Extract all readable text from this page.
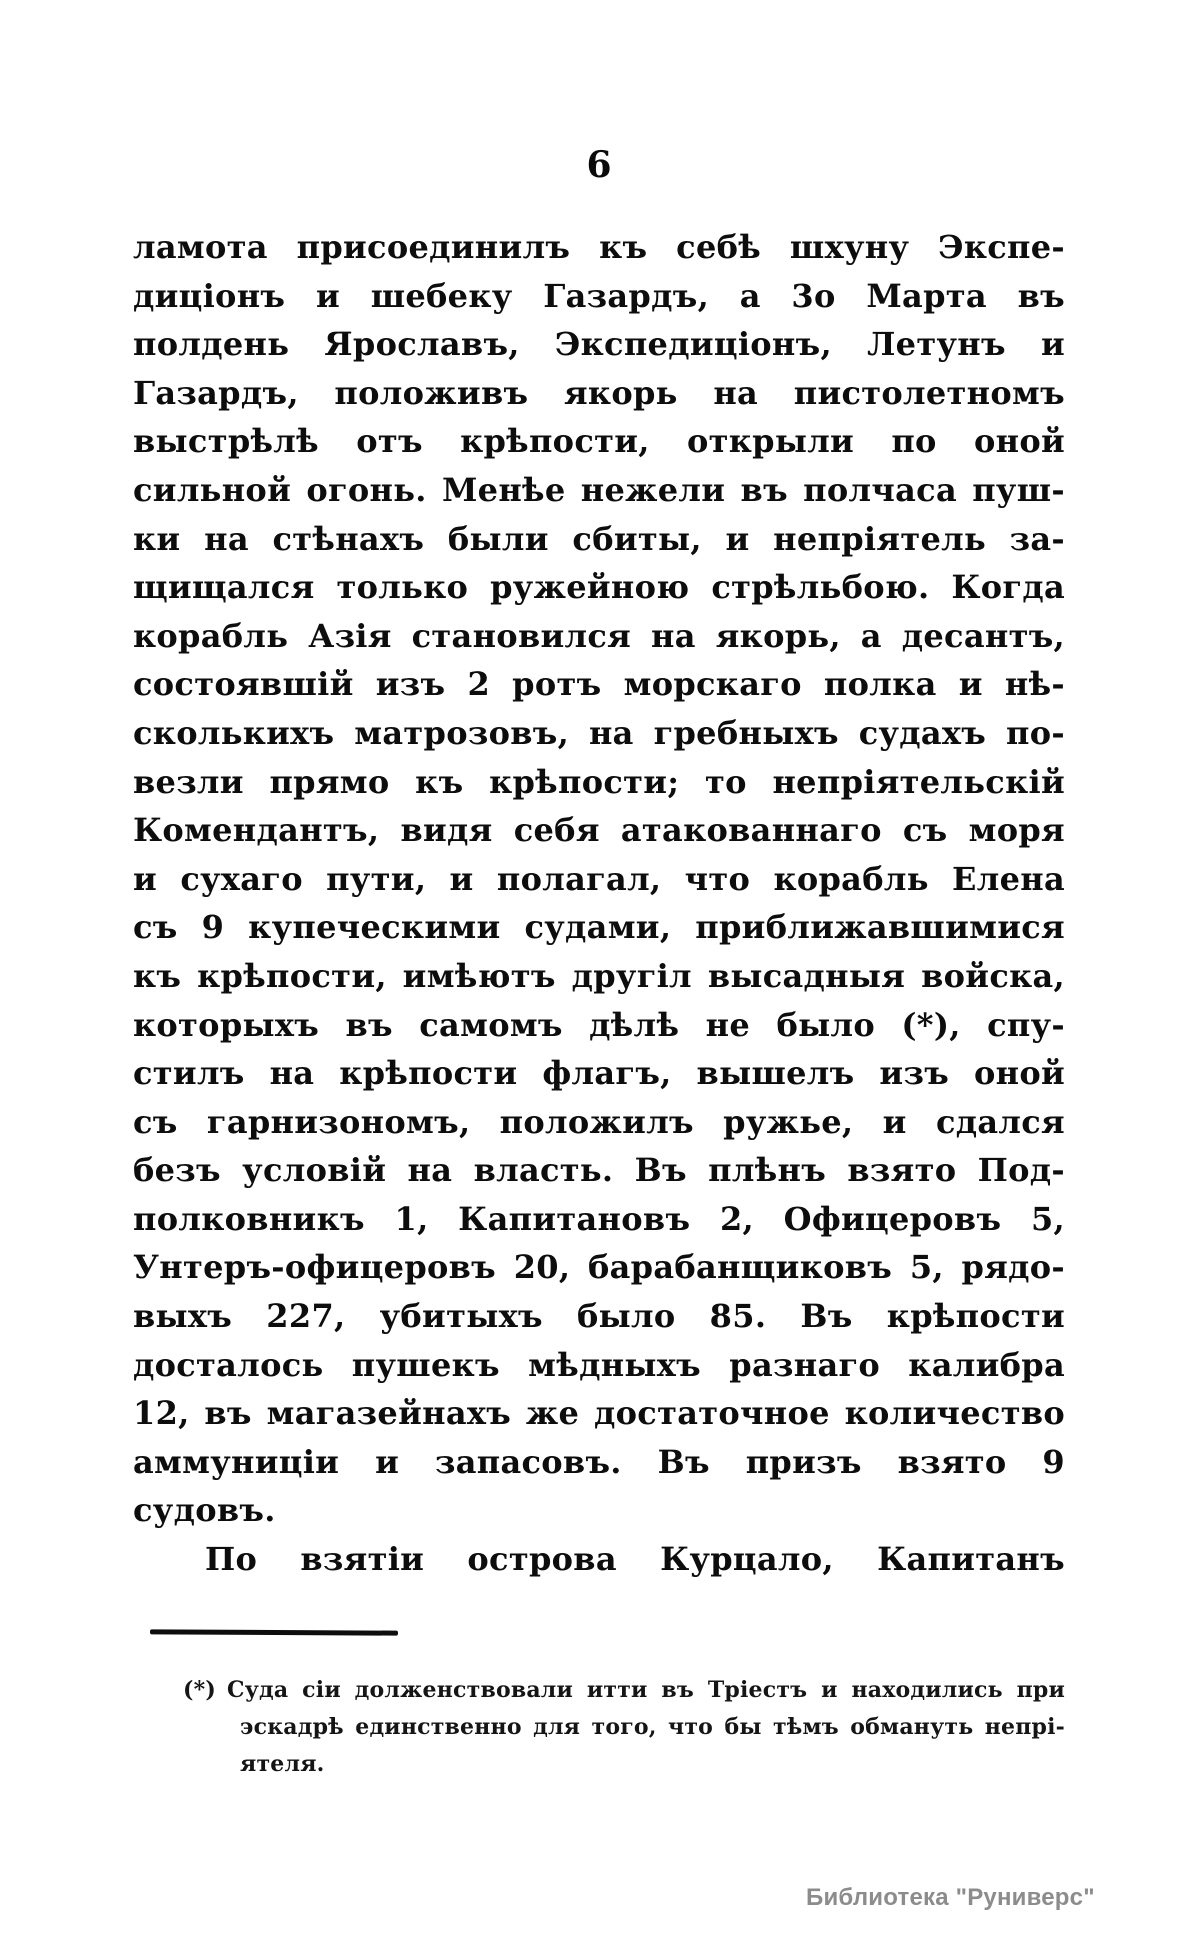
6
ламота присоединилъ къ себѣ шхуну Экспе-
диціонъ и шебеку Газардъ, а 3о Марта въ
полдень Ярославъ, Экспедиціонъ, Летунъ и
Газардъ, положивъ якорь на пистолетномъ
выстрѣлѣ отъ крѣпости, открыли по оной
сильной огонь. Менѣе нежели въ полчаса пуш-
ки на стѣнахъ были сбиты, и непріятель за-
щищался только ружейною стрѣльбою. Когда
корабль Азія становился на якорь, а десантъ,
состоявшій изъ 2 ротъ морскаго полка и нѣ-
сколькихъ матрозовъ, на гребныхъ судахъ по-
везли прямо къ крѣпости; то непріятельскій
Комендантъ, видя себя атакованнаго съ моря
и сухаго пути, и полагал, что корабль Елена
съ 9 купеческими судами, приближавшимися
къ крѣпости, имѣютъ другіл высадныя войска,
которыхъ въ самомъ дѣлѣ не было (*), спу-
стилъ на крѣпости флагъ, вышелъ изъ оной
съ гарнизономъ, положилъ ружье, и сдался
безъ условій на власть. Въ плѣнъ взято Под-
полковникъ 1, Капитановъ 2, Офицеровъ 5,
Унтеръ-офицеровъ 20, барабанщиковъ 5, рядо-
выхъ 227, убитыхъ было 85. Въ крѣпости
досталось пушекъ мѣдныхъ разнаго калибра
12, въ магазейнахъ же достаточное количество
аммуниціи и запасовъ. Въ призъ взято 9
судовъ.
По взятіи острова Курцало, Капитанъ
(*) Суда сіи долженствовали итти въ Тріестъ и находились при
эскадрѣ единственно для того, что бы тѣмъ обмануть непрі-
ятеля.
Библиотека "Руниверс"
